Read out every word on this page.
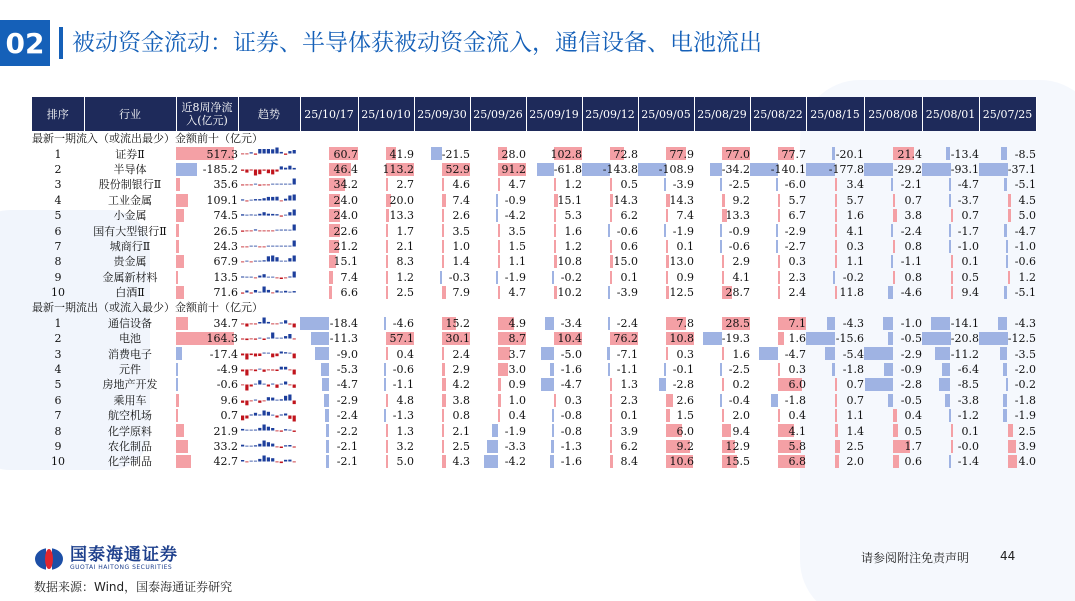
02 被动资金流动：证券、半导体获被动资金流入，通信设备、电池流出
排序	行业	近8周净流
入(亿元)	趋势	25/10/17	25/10/10	25/09/30	25/09/26	25/09/19	25/09/12	25/09/05	25/08/29	25/08/22	25/08/15	25/08/08	25/08/01	25/07/25
最新一期流入（或流出最少）金额前十（亿元）																
1	证券Ⅱ	517.3		60.7	41.9	-21.5	28.0	102.8	72.8	77.9	77.0	77.7	-20.1	21.4	-13.4	-8.5
2	半导体	-185.2		46.4	113.2	52.9	91.2	-61.8	-143.8	-108.9	-34.2	-140.1	-177.8	-29.2	-93.1	-37.1
3	股份制银行Ⅱ	35.6		34.2	2.7	4.6	4.7	1.2	0.5	-3.9	-2.5	-6.0	3.4	-2.1	-4.7	-5.1
4	工业金属	109.1		24.0	20.0	7.4	-0.9	15.1	14.3	14.3	9.2	5.7	5.7	0.7	-3.7	4.5
5	小金属	74.5		24.0	13.3	2.6	-4.2	5.3	6.2	7.4	13.3	6.7	1.6	3.8	0.7	5.0
6	国有大型银行Ⅱ	26.5		22.6	1.7	3.5	3.5	1.6	-0.6	-1.9	-0.9	-2.9	4.1	-2.4	-1.7	-4.7
7	城商行Ⅱ	24.3		21.2	2.1	1.0	1.5	1.2	0.6	0.1	-0.6	-2.7	0.3	0.8	-1.0	-1.0
8	贵金属	67.9		15.1	8.3	1.4	1.1	10.8	15.0	13.0	2.9	0.3	1.1	-1.1	0.1	-0.6
9	金属新材料	13.5		7.4	1.2	-0.3	-1.9	-0.2	0.1	0.9	4.1	2.3	-0.2	0.8	0.5	1.2
10	白酒Ⅱ	71.6		6.6	2.5	7.9	4.7	10.2	-3.9	12.5	28.7	2.4	11.8	-4.6	9.4	-5.1
最新一期流出（或流入最少）金额前十（亿元）																
1	通信设备	34.7		-18.4	-4.6	15.2	4.9	-3.4	-2.4	7.8	28.5	7.1	-4.3	-1.0	-14.1	-4.3
2	电池	164.3		-11.3	57.1	30.1	8.7	10.4	76.2	10.8	-19.3	1.6	-15.6	-0.5	-20.8	-12.5
3	消费电子	-17.4		-9.0	0.4	2.4	3.7	-5.0	-7.1	0.3	1.6	-4.7	-5.4	-2.9	-11.2	-3.5
4	元件	-4.9		-5.3	-0.6	2.9	3.0	-1.6	-1.1	-0.1	-2.5	0.3	-1.8	-0.9	-6.4	-2.0
5	房地产开发	-0.6		-4.7	-1.1	4.2	0.9	-4.7	1.3	-2.8	0.2	6.0	0.7	-2.8	-8.5	-0.2
6	乘用车	9.6		-2.9	4.8	3.8	1.0	0.3	2.3	2.6	-0.4	-1.8	0.7	-0.5	-3.8	-1.8
7	航空机场	0.7		-2.4	-1.3	0.8	0.4	-0.8	0.1	1.5	2.0	0.4	1.1	0.4	-1.2	-1.9
8	化学原料	21.9		-2.2	1.3	2.1	-1.9	-0.8	3.9	6.0	9.4	4.1	1.4	0.5	0.1	2.5
9	农化制品	33.2		-2.1	3.2	2.5	-3.3	-1.3	6.2	9.2	12.9	5.8	2.5	1.7	-0.0	3.9
10	化学制品	42.7		-2.1	5.0	4.3	-4.2	-1.6	8.4	10.6	15.5	6.8	2.0	0.6	-1.4	4.0
国泰海通证券
GUOTAI HAITONG SECURITIES
数据来源：Wind，国泰海通证券研究
请参阅附注免责声明	44
